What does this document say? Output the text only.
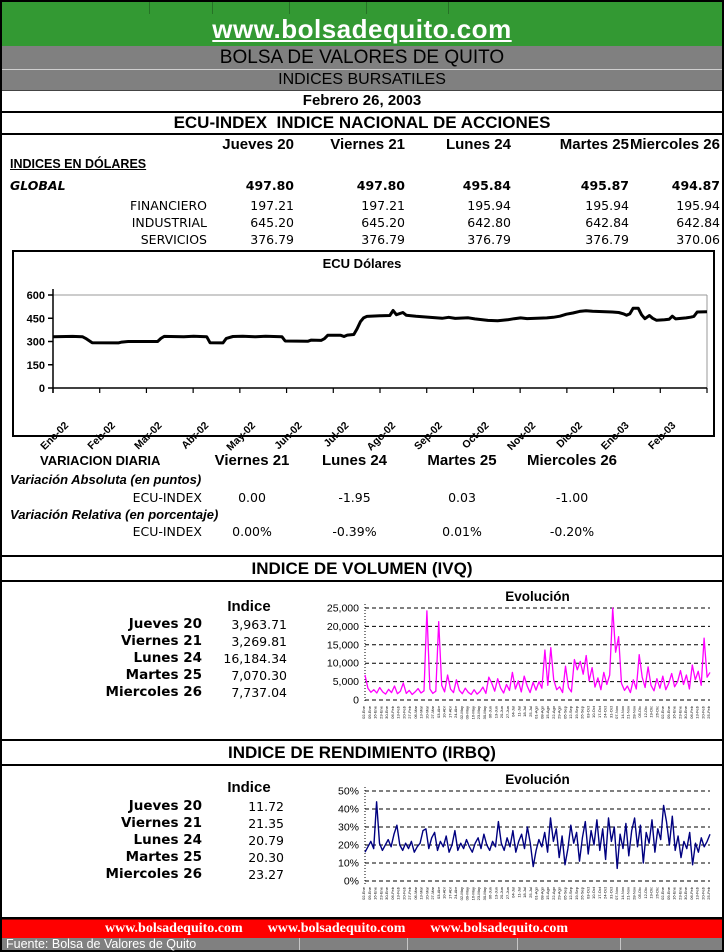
www.bolsadequito.com
BOLSA DE VALORES DE QUITO
INDICES BURSATILES
Febrero 26, 2003
ECU-INDEX  INDICE NACIONAL DE ACCIONES
Jueves 20	Viernes 21	Lunes 24	Martes 25 Miercoles 26
INDICES EN DÓLARES
GLOBAL	497.80	497.80	495.84	495.87	494.87
FINANCIERO	197.21	197.21	195.94	195.94	195.94
INDUSTRIAL	645.20	645.20	642.80	642.84	642.84
SERVICIOS	376.79	376.79	376.79	376.79	370.06
ECU Dólares
0
150
300
450
600
Ene-02 Feb-02 Mar-02 Abr-02 May-02 Jun-02 Jul-02 Ago-02 Sep-02 Oct-02 Nov-02 Dic-02 Ene-03 Feb-03
VARIACION DIARIA	Viernes 21	Lunes 24	Martes 25	Miercoles 26
Variación Absoluta (en puntos)
ECU-INDEX	0.00	-1.95	0.03	-1.00
Variación Relativa (en porcentaje)
ECU-INDEX	0.00%	-0.39%	0.01%	-0.20%
INDICE DE VOLUMEN (IVQ)
Indice
Jueves 20	3,963.71
Viernes 21	3,269.81
Lunes 24	16,184.34
Martes 25	7,070.30
Miercoles 26	7,737.04
Evolución
25,000
20,000
15,000
10,000
5,000
0
02-Ene 09-Ene 16-Ene 23-Ene 30-Ene 06-Feb 13-Feb 20-Feb 27-Feb 06-Mar 13-Mar 20-Mar 27-Mar 03-Abr 10-Abr 17-Abr 24-Abr 02-May 09-May 16-May 23-May 30-May 06-Jun 13-Jun 20-Jun 27-Jun 04-Jul 11-Jul 18-Jul 25-Jul 01-Ago 08-Ago 15-Ago 22-Ago 29-Ago 05-Sep 12-Sep 19-Sep 26-Sep 03-Oct 10-Oct 17-Oct 24-Oct 31-Oct 07-Nov 14-Nov 21-Nov 28-Nov 05-Dic 12-Dic 19-Dic 26-Dic 02-Ene 09-Ene 16-Ene 23-Ene 30-Ene 06-Feb 13-Feb 20-Feb 25-Feb
INDICE DE RENDIMIENTO (IRBQ)
Indice
Jueves 20	11.72
Viernes 21	21.35
Lunes 24	20.79
Martes 25	20.30
Miercoles 26	23.27
Evolución
50%
40%
30%
20%
10%
0%
02-Ene 09-Ene 16-Ene 23-Ene 30-Ene 06-Feb 13-Feb 20-Feb 27-Feb 06-Mar 13-Mar 20-Mar 27-Mar 03-Abr 10-Abr 17-Abr 24-Abr 02-May 09-May 16-May 23-May 30-May 06-Jun 13-Jun 20-Jun 27-Jun 04-Jul 11-Jul 18-Jul 25-Jul 01-Ago 08-Ago 15-Ago 22-Ago 29-Ago 05-Sep 12-Sep 19-Sep 26-Sep 03-Oct 10-Oct 17-Oct 24-Oct 31-Oct 07-Nov 14-Nov 21-Nov 28-Nov 05-Dic 12-Dic 19-Dic 26-Dic 02-Ene 09-Ene 16-Ene 23-Ene 30-Ene 06-Feb 13-Feb 20-Feb 25-Feb
www.bolsadequito.com www.bolsadequito.com www.bolsadequito.com
Fuente: Bolsa de Valores de Quito
